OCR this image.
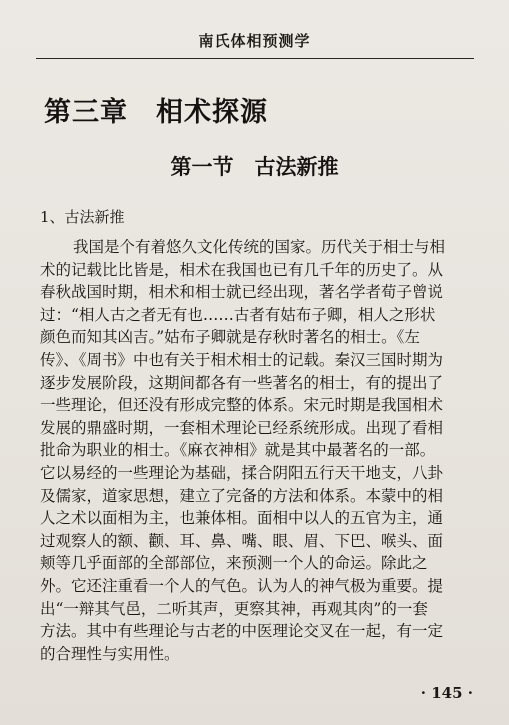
南氏体相预测学
第三章　相术探源
第一节　古法新推
1、古法新推
我国是个有着悠久文化传统的国家。历代关于相士与相
术的记载比比皆是，相术在我国也已有几千年的历史了。从
春秋战国时期，相术和相士就已经出现，著名学者荀子曾说
过：“相人古之者无有也……古者有姑布子卿，相人之形状
颜色而知其凶吉。”姑布子卿就是存秋时著名的相士。《左
传》、《周书》中也有关于相术相士的记载。秦汉三国时期为
逐步发展阶段，这期间都各有一些著名的相士，有的提出了
一些理论，但还没有形成完整的体系。宋元时期是我国相术
发展的鼎盛时期，一套相术理论已经系统形成。出现了看相
批命为职业的相士。《麻衣神相》就是其中最著名的一部。
它以易经的一些理论为基础，揉合阴阳五行天干地支，八卦
及儒家，道家思想，建立了完备的方法和体系。本蒙中的相
人之术以面相为主，也兼体相。面相中以人的五官为主，通
过观察人的额、颧、耳、鼻、嘴、眼、眉、下巴、喉头、面
颊等几乎面部的全部部位，来预测一个人的命运。除此之
外。它还注重看一个人的气色。认为人的神气极为重要。提
出“一辩其气邑，二听其声，更察其神，再观其肉”的一套
方法。其中有些理论与古老的中医理论交叉在一起，有一定
的合理性与实用性。
· 145 ·
